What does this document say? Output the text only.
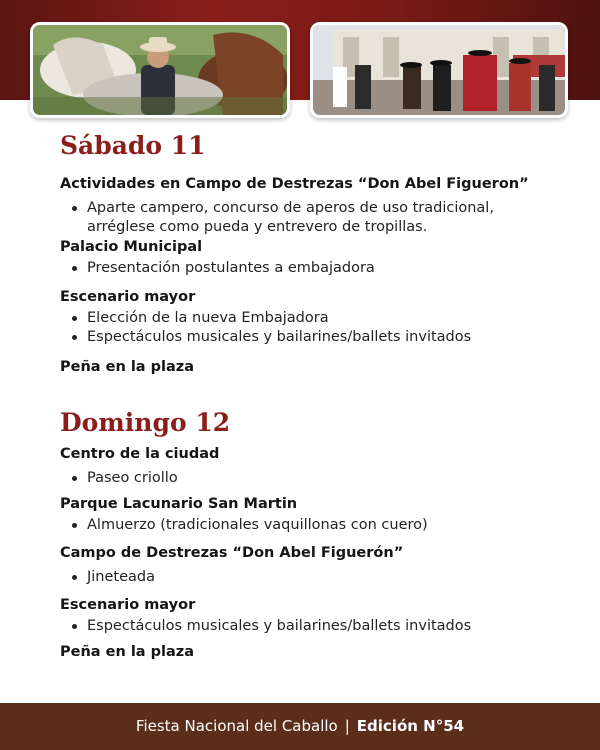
Sábado 11

Actividades en Campo de Destrezas “Don Abel Figueron”

Aparte campero, concurso de aperos de uso tradicional, arréglese como pueda y entrevero de tropillas.

Palacio Municipal

Presentación postulantes a embajadora

Escenario mayor

Elección de la nueva Embajadora
Espectáculos musicales y bailarines/ballets invitados

Peña en la plaza

Domingo 12

Centro de la ciudad

Paseo criollo

Parque Lacunario San Martin

Almuerzo (tradicionales vaquillonas con cuero)

Campo de Destrezas “Don Abel Figuerón”

Jineteada

Escenario mayor

Espectáculos musicales y bailarines/ballets invitados

Peña en la plaza

Fiesta Nacional del Caballo | Edición N°54
